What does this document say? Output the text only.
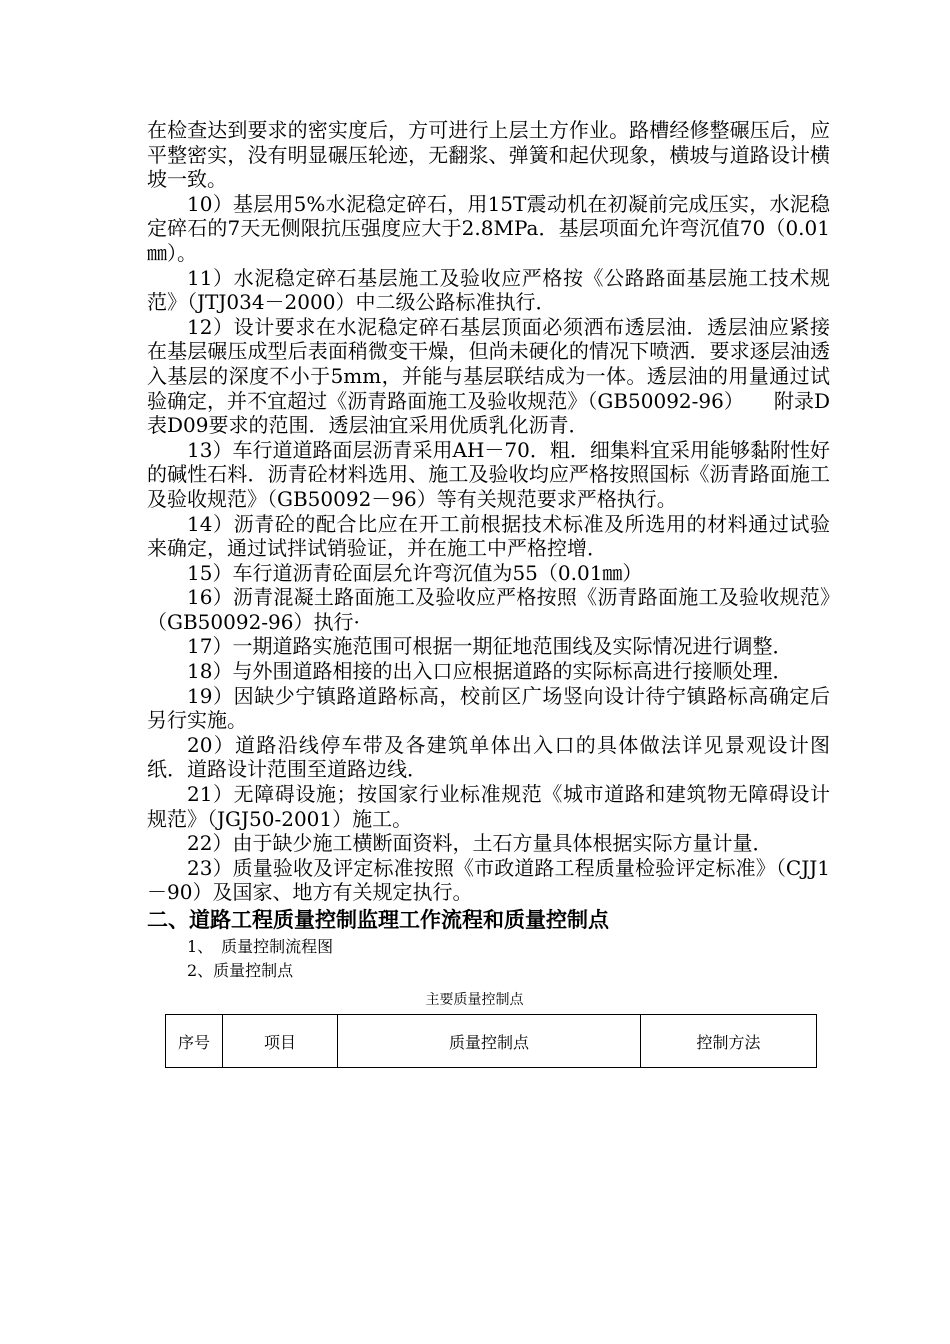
在检查达到要求的密实度后，方可进行上层土方作业。路槽经修整碾压后，应平整密实，没有明显碾压轮迹，无翻浆、弹簧和起伏现象，横坡与道路设计横坡一致。

10）基层用5%水泥稳定碎石，用15T震动机在初凝前完成压实，水泥稳定碎石的7天无侧限抗压强度应大于2.8MPa．基层项面允许弯沉值70（0.01㎜）。

11）水泥稳定碎石基层施工及验收应严格按《公路路面基层施工技术规范》（JTJ034－2000）中二级公路标准执行．

12）设计要求在水泥稳定碎石基层顶面必须洒布透层油．透层油应紧接在基层碾压成型后表面稍微变干燥，但尚未硬化的情况下喷洒．要求逐层油透入基层的深度不小于5mm，并能与基层联结成为一体。透层油的用量通过试验确定，并不宜超过《沥青路面施工及验收规范》（GB50092-96）　　附录D表D09要求的范围．透层油宜采用优质乳化沥青．

13）车行道道路面层沥青采用AH－70．粗．细集料宜采用能够黏附性好的碱性石料．沥青砼材料选用、施工及验收均应严格按照国标《沥青路面施工及验收规范》（GB50092－96）等有关规范要求严格执行。

14）沥青砼的配合比应在开工前根据技术标准及所选用的材料通过试验来确定，通过试拌试销验证，并在施工中严格控增．

15）车行道沥青砼面层允许弯沉值为55（0.01㎜）

16）沥青混凝土路面施工及验收应严格按照《沥青路面施工及验收规范》（GB50092-96）执行·

17）一期道路实施范围可根据一期征地范围线及实际情况进行调整．

18）与外围道路相接的出入口应根据道路的实际标高进行接顺处理．

19）因缺少宁镇路道路标高，校前区广场竖向设计待宁镇路标高确定后另行实施。

20）道路沿线停车带及各建筑单体出入口的具体做法详见景观设计图纸．道路设计范围至道路边线．

21）无障碍设施；按国家行业标准规范《城市道路和建筑物无障碍设计规范》（JGJ50-2001）施工。

22）由于缺少施工横断面资料，土石方量具体根据实际方量计量．

23）质量验收及评定标准按照《市政道路工程质量检验评定标准》（CJJ1－90）及国家、地方有关规定执行。

二、道路工程质量控制监理工作流程和质量控制点

1、　质量控制流程图

2、质量控制点

主要质量控制点
序号	项目	质量控制点	控制方法
